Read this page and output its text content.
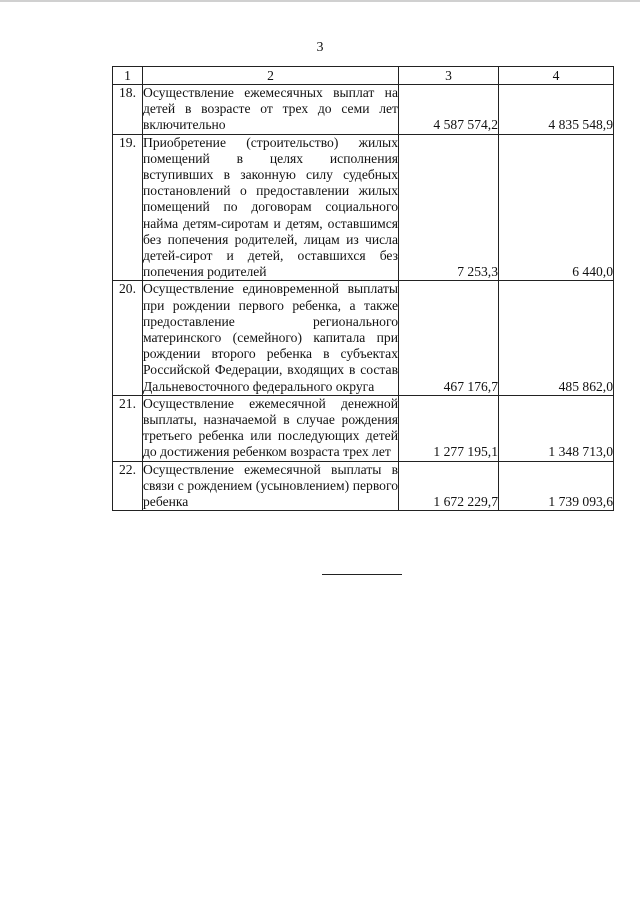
3
1	2	3	4
18.	Осуществление ежемесячных выплат на детей в возрасте от трех до семи лет включительно	4 587 574,2	4 835 548,9
19.	Приобретение (строительство) жилых помещений в целях исполнения вступивших в законную силу судебных постановлений о предоставлении жилых помещений по договорам социального найма детям-сиротам и детям, оставшимся без попечения родителей, лицам из числа детей-сирот и детей, оставшихся без попечения родителей	7 253,3	6 440,0
20.	Осуществление единовременной выплаты при рождении первого ребенка, а также предоставление регионального материнского (семейного) капитала при рождении второго ребенка в субъектах Российской Федерации, входящих в состав Дальневосточного федерального округа	467 176,7	485 862,0
21.	Осуществление ежемесячной денежной выплаты, назначаемой в случае рождения третьего ребенка или последующих детей до достижения ребенком возраста трех лет	1 277 195,1	1 348 713,0
22.	Осуществление ежемесячной выплаты в связи с рождением (усыновлением) первого ребенка	1 672 229,7	1 739 093,6
